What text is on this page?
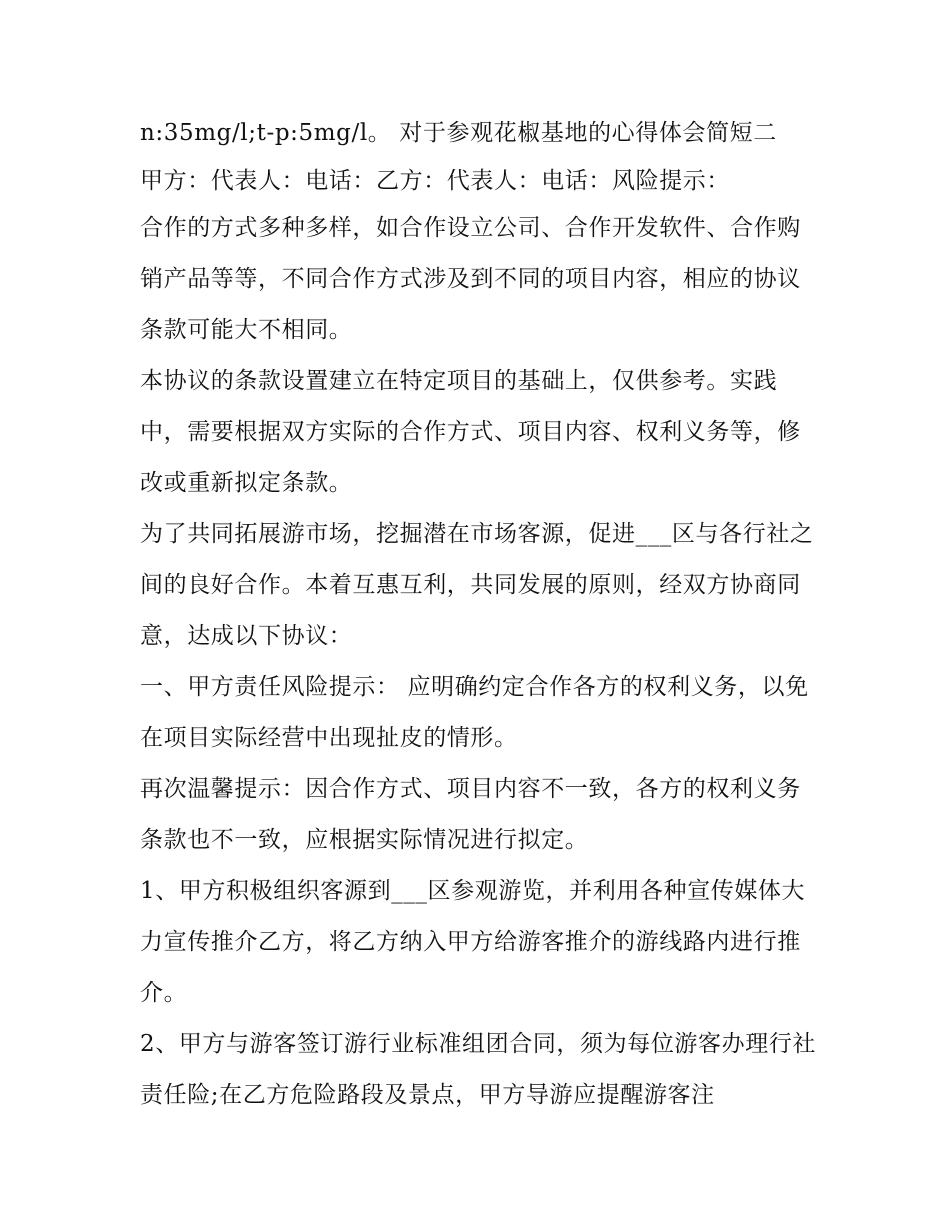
n:35mg/l;t-p:5mg/l。 对于参观花椒基地的心得体会简短二

甲方：代表人：电话：乙方：代表人：电话：风险提示：

合作的方式多种多样，如合作设立公司、合作开发软件、合作购销产品等等，不同合作方式涉及到不同的项目内容，相应的协议条款可能大不相同。

本协议的条款设置建立在特定项目的基础上，仅供参考。实践中，需要根据双方实际的合作方式、项目内容、权利义务等，修改或重新拟定条款。

为了共同拓展游市场，挖掘潜在市场客源，促进___区与各行社之间的良好合作。本着互惠互利，共同发展的原则，经双方协商同意，达成以下协议：

一、甲方责任风险提示： 应明确约定合作各方的权利义务，以免在项目实际经营中出现扯皮的情形。

再次温馨提示：因合作方式、项目内容不一致，各方的权利义务条款也不一致，应根据实际情况进行拟定。

1、甲方积极组织客源到___区参观游览，并利用各种宣传媒体大力宣传推介乙方，将乙方纳入甲方给游客推介的游线路内进行推介。

2、甲方与游客签订游行业标准组团合同，须为每位游客办理行社责任险;在乙方危险路段及景点，甲方导游应提醒游客注
